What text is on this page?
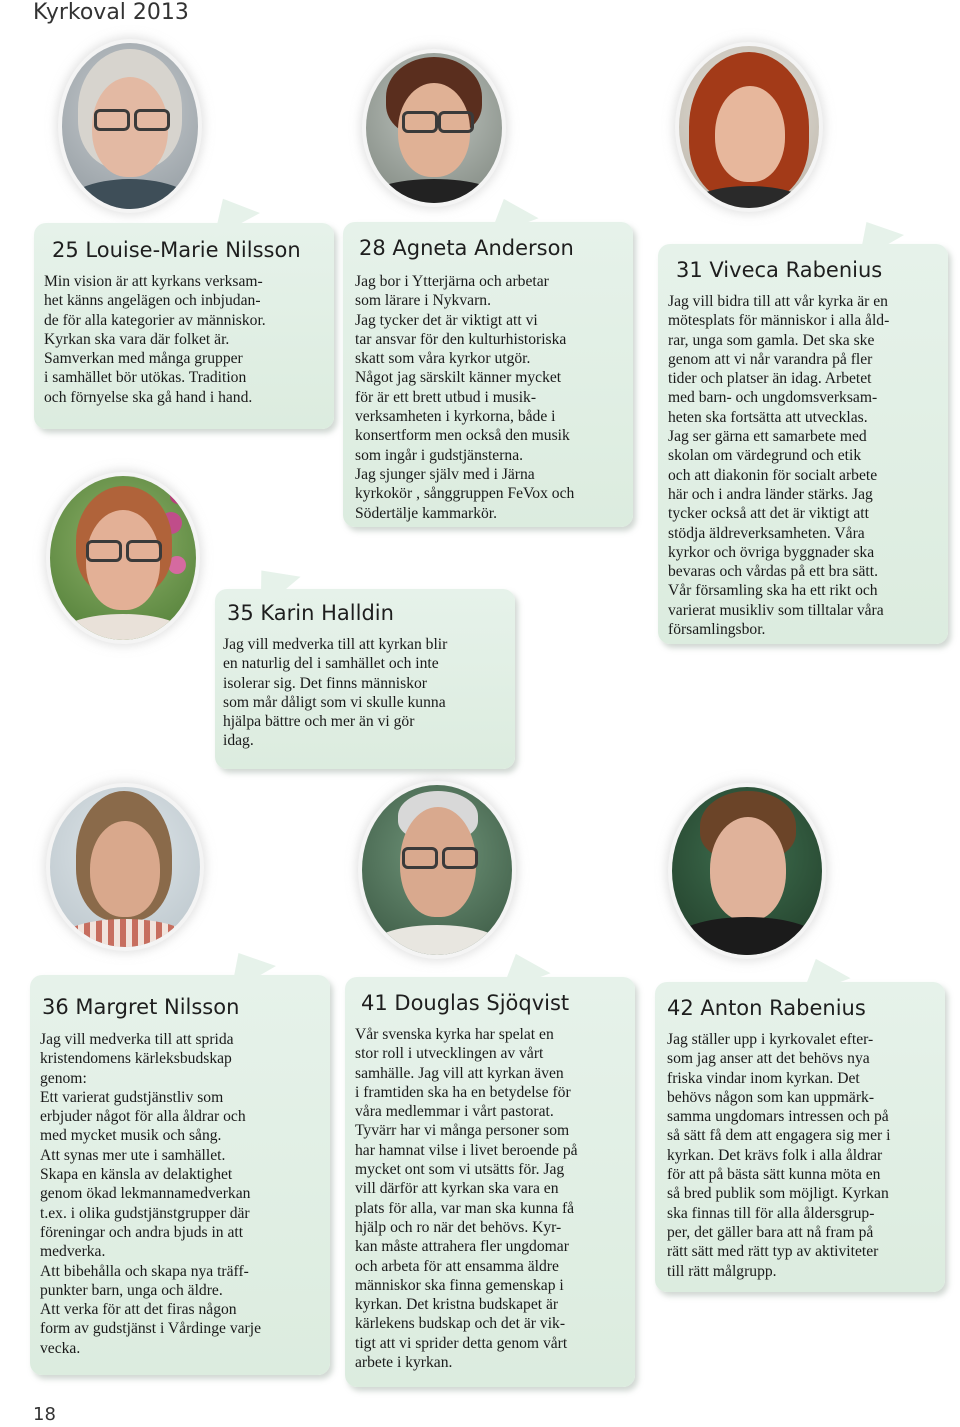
Kyrkoval 2013
25 Louise-Marie Nilsson
Min vision är att kyrkans verksam-
het känns angelägen och inbjudan-
de för alla kategorier av människor.
Kyrkan ska vara där folket är.
Samverkan med många grupper
i samhället bör utökas. Tradition
och förnyelse ska gå hand i hand.
28 Agneta Anderson
Jag bor i Ytterjärna och arbetar
som lärare i Nykvarn.
Jag tycker det är viktigt att vi
tar ansvar för den kulturhistoriska
skatt som våra kyrkor utgör.
Något jag särskilt känner mycket
för är ett brett utbud i musik-
verksamheten i kyrkorna, både i
konsertform men också den musik
som ingår i gudstjänsterna.
Jag sjunger själv med i Järna
kyrkokör , sånggruppen FeVox och
Södertälje kammarkör.
31 Viveca Rabenius
Jag vill bidra till att vår kyrka är en
mötesplats för människor i alla åld-
rar, unga som gamla. Det ska ske
genom att vi når varandra på fler
tider och platser än idag. Arbetet
med barn- och ungdomsverksam-
heten ska fortsätta att utvecklas.
Jag ser gärna ett samarbete med
skolan om värdegrund och etik
och att diakonin för socialt arbete
här och i andra länder stärks. Jag
tycker också att det är viktigt att
stödja äldreverksamheten. Våra
kyrkor och övriga byggnader ska
bevaras och vårdas på ett bra sätt.
Vår församling ska ha ett rikt och
varierat musikliv som tilltalar våra
församlingsbor.
35 Karin Halldin
Jag vill medverka till att kyrkan blir
en naturlig del i samhället och inte
isolerar sig. Det finns människor
som mår dåligt som vi skulle kunna
hjälpa bättre och mer än vi gör
idag.
36 Margret Nilsson
Jag vill medverka till att sprida
kristendomens kärleksbudskap
genom:
Ett varierat gudstjänstliv som
erbjuder något för alla åldrar och
med mycket musik och sång.
Att synas mer ute i samhället.
Skapa en känsla av delaktighet
genom ökad lekmannamedverkan
t.ex. i olika gudstjänstgrupper där
föreningar och andra bjuds in att
medverka.
Att bibehålla och skapa nya träff-
punkter barn, unga och äldre.
Att verka för att det firas någon
form av gudstjänst i Vårdinge varje
vecka.
41 Douglas Sjöqvist
Vår svenska kyrka har spelat en
stor roll i utvecklingen av vårt
samhälle. Jag vill att kyrkan även
i framtiden ska ha en betydelse för
våra medlemmar i vårt pastorat.
Tyvärr har vi många personer som
har hamnat vilse i livet beroende på
mycket ont som vi utsätts för. Jag
vill därför att kyrkan ska vara en
plats för alla, var man ska kunna få
hjälp och ro när det behövs. Kyr-
kan måste attrahera fler ungdomar
och arbeta för att ensamma äldre
människor ska finna gemenskap i
kyrkan. Det kristna budskapet är
kärlekens budskap och det är vik-
tigt att vi sprider detta genom vårt
arbete i kyrkan.
42 Anton Rabenius
Jag ställer upp i kyrkovalet efter-
som jag anser att det behövs nya
friska vindar inom kyrkan. Det
behövs någon som kan uppmärk-
samma ungdomars intressen och på
så sätt få dem att engagera sig mer i
kyrkan. Det krävs folk i alla åldrar
för att på bästa sätt kunna möta en
så bred publik som möjligt. Kyrkan
ska finnas till för alla åldersgrup-
per, det gäller bara att nå fram på
rätt sätt med rätt typ av aktiviteter
till rätt målgrupp.
18
